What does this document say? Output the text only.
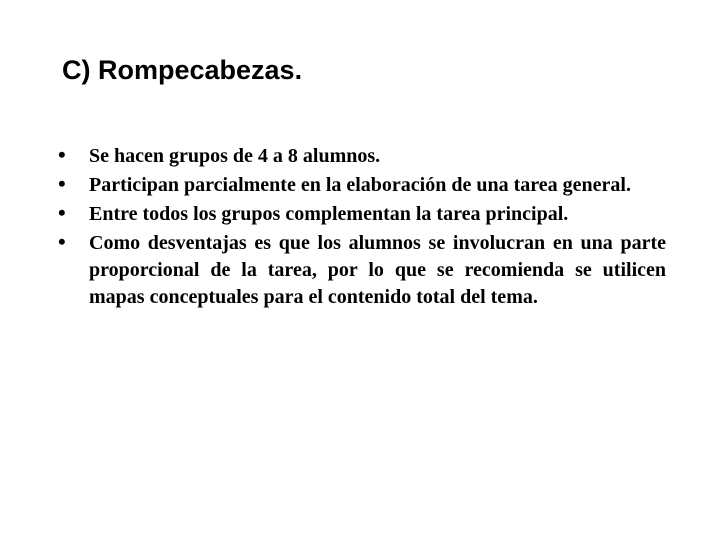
C) Rompecabezas.
• Se hacen grupos de 4 a 8 alumnos.
• Participan parcialmente en la elaboración de una tarea general.
• Entre todos los grupos complementan la tarea principal.
• Como desventajas es que los alumnos se involucran en una parte proporcional de la tarea, por lo que se recomienda se utilicen mapas conceptuales para el contenido total del tema.
